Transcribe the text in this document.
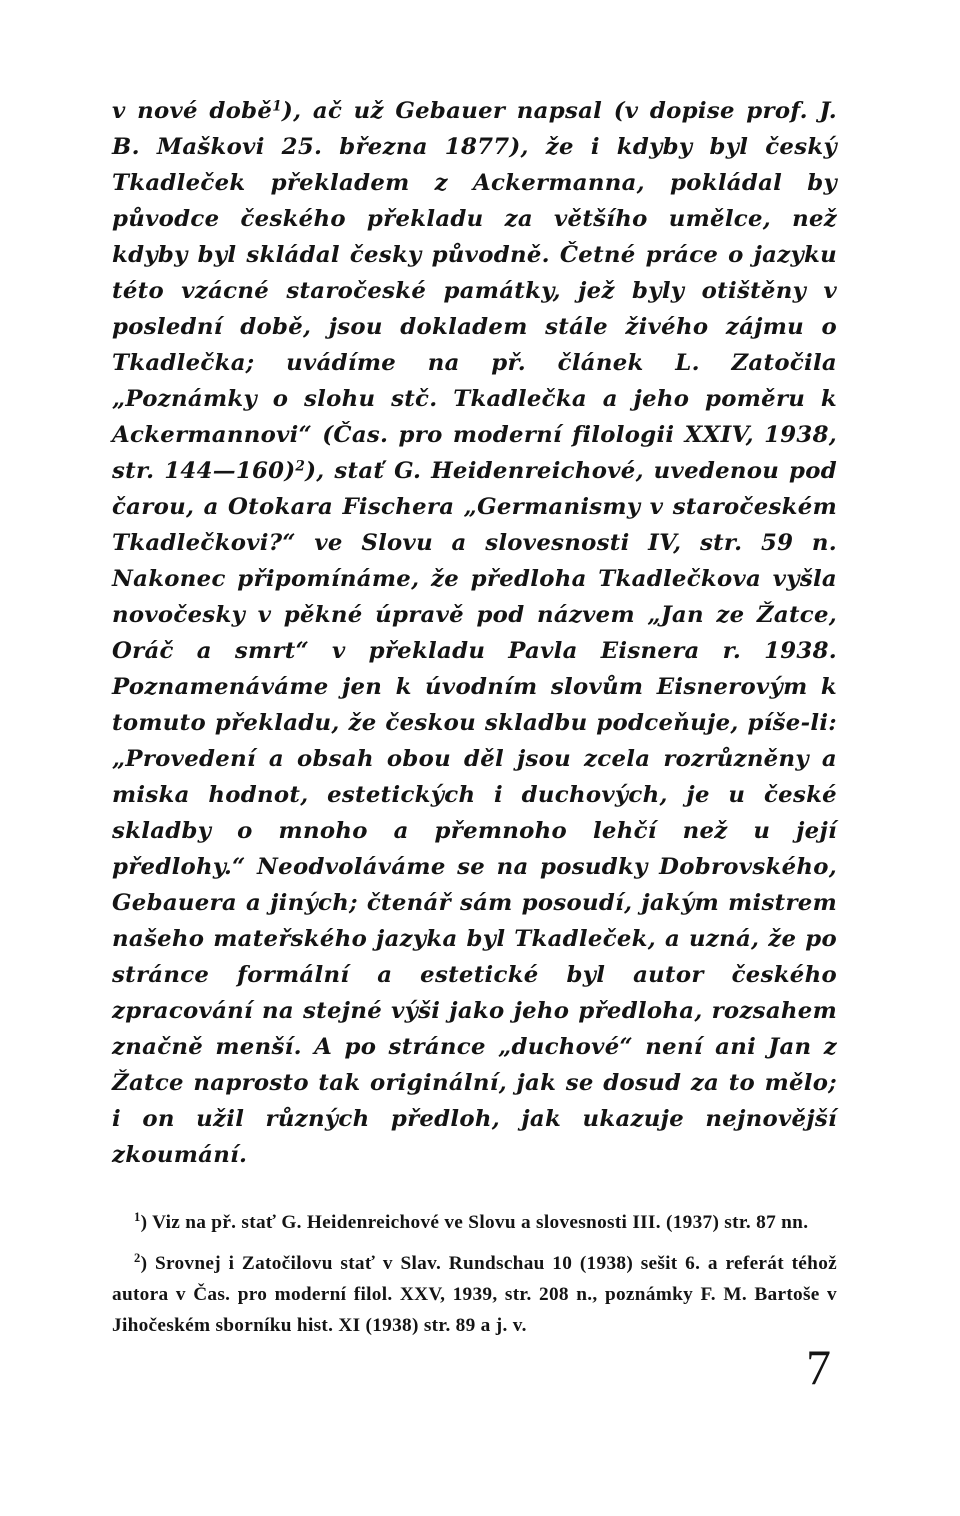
v nové době$^1$), ač už Gebauer napsal (v dopise prof. J. B. Maškovi 25. března 1877), že i kdyby byl český Tkadleček překladem z Ackermanna, pokládal by původce českého překladu za většího umělce, než kdyby byl skládal česky původně. Četné práce o jazyku této vzácné staročeské památky, jež byly otištěny v poslední době, jsou dokladem stále živého zájmu o Tkadlečka; uvádíme na př. článek L. Zatočila „Poznámky o slohu stč. Tkadlečka a jeho poměru k Ackermannovi“ (Čas. pro moderní filologii XXIV, 1938, str. 144—160)$^2$), stať G. Heidenreichové, uvedenou pod čarou, a Otokara Fischera „Germanismy v staročeském Tkadlečkovi?“ ve Slovu a slovesnosti IV, str. 59 n. Nakonec připomínáme, že předloha Tkadlečkova vyšla novočesky v pěkné úpravě pod názvem „Jan ze Žatce, Oráč a smrt“ v překladu Pavla Eisnera r. 1938. Poznamenáváme jen k úvodním slovům Eisnerovým k tomuto překladu, že českou skladbu podceňuje, píše-li: „Provedení a obsah obou děl jsou zcela rozrůzněny a miska hodnot, estetických i duchových, je u české skladby o mnoho a přemnoho lehčí než u její předlohy.“ Neodvoláváme se na posudky Dobrovského, Gebauera a jiných; čtenář sám posoudí, jakým mistrem našeho mateřského jazyka byl Tkadleček, a uzná, že po stránce formální a estetické byl autor českého zpracování na stejné výši jako jeho předloha, rozsahem značně menší. A po stránce „duchové“ není ani Jan z Žatce naprosto tak originální, jak se dosud za to mělo; i on užil různých předloh, jak ukazuje nejnovější zkoumání.

$^1$) Viz na př. stať G. Heidenreichové ve Slovu a slovesnosti III. (1937) str. 87 nn.

$^2$) Srovnej i Zatočilovu stať v Slav. Rundschau 10 (1938) sešit 6. a referát téhož autora v Čas. pro moderní filol. XXV, 1939, str. 208 n., poznámky F. M. Bartoše v Jihočeském sborníku hist. XI (1938) str. 89 a j. v.

7
